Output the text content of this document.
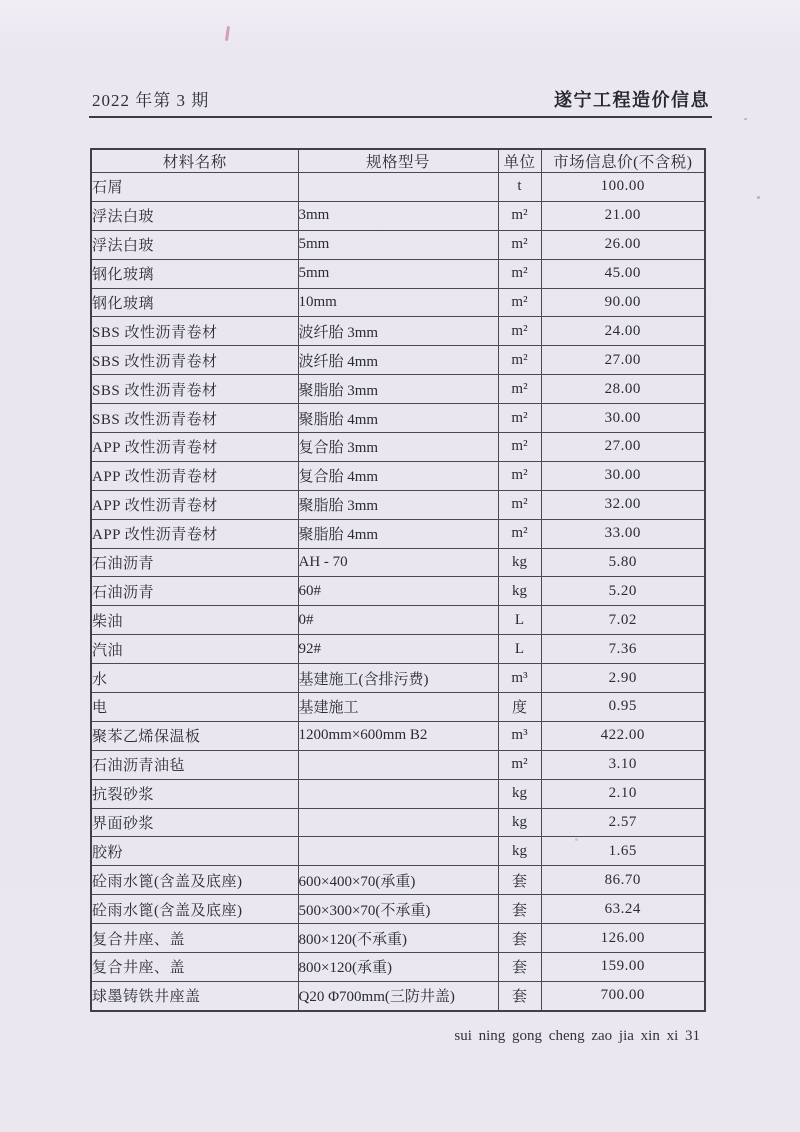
2022 年第 3 期	遂宁工程造价信息
材料名称	规格型号	单位	市场信息价(不含税)
石屑		t	100.00
浮法白玻	3mm	m²	21.00
浮法白玻	5mm	m²	26.00
钢化玻璃	5mm	m²	45.00
钢化玻璃	10mm	m²	90.00
SBS 改性沥青卷材	波纤胎 3mm	m²	24.00
SBS 改性沥青卷材	波纤胎 4mm	m²	27.00
SBS 改性沥青卷材	聚脂胎 3mm	m²	28.00
SBS 改性沥青卷材	聚脂胎 4mm	m²	30.00
APP 改性沥青卷材	复合胎 3mm	m²	27.00
APP 改性沥青卷材	复合胎 4mm	m²	30.00
APP 改性沥青卷材	聚脂胎 3mm	m²	32.00
APP 改性沥青卷材	聚脂胎 4mm	m²	33.00
石油沥青	AH - 70	kg	5.80
石油沥青	60#	kg	5.20
柴油	0#	L	7.02
汽油	92#	L	7.36
水	基建施工(含排污费)	m³	2.90
电	基建施工	度	0.95
聚苯乙烯保温板	1200mm×600mm B2	m³	422.00
石油沥青油毡		m²	3.10
抗裂砂浆		kg	2.10
界面砂浆		kg	2.57
胶粉		kg	1.65
砼雨水篦(含盖及底座)	600×400×70(承重)	套	86.70
砼雨水篦(含盖及底座)	500×300×70(不承重)	套	63.24
复合井座、盖	800×120(不承重)	套	126.00
复合井座、盖	800×120(承重)	套	159.00
球墨铸铁井座盖	Q20 Φ700mm(三防井盖)	套	700.00
sui ning gong cheng zao jia xin xi 31
